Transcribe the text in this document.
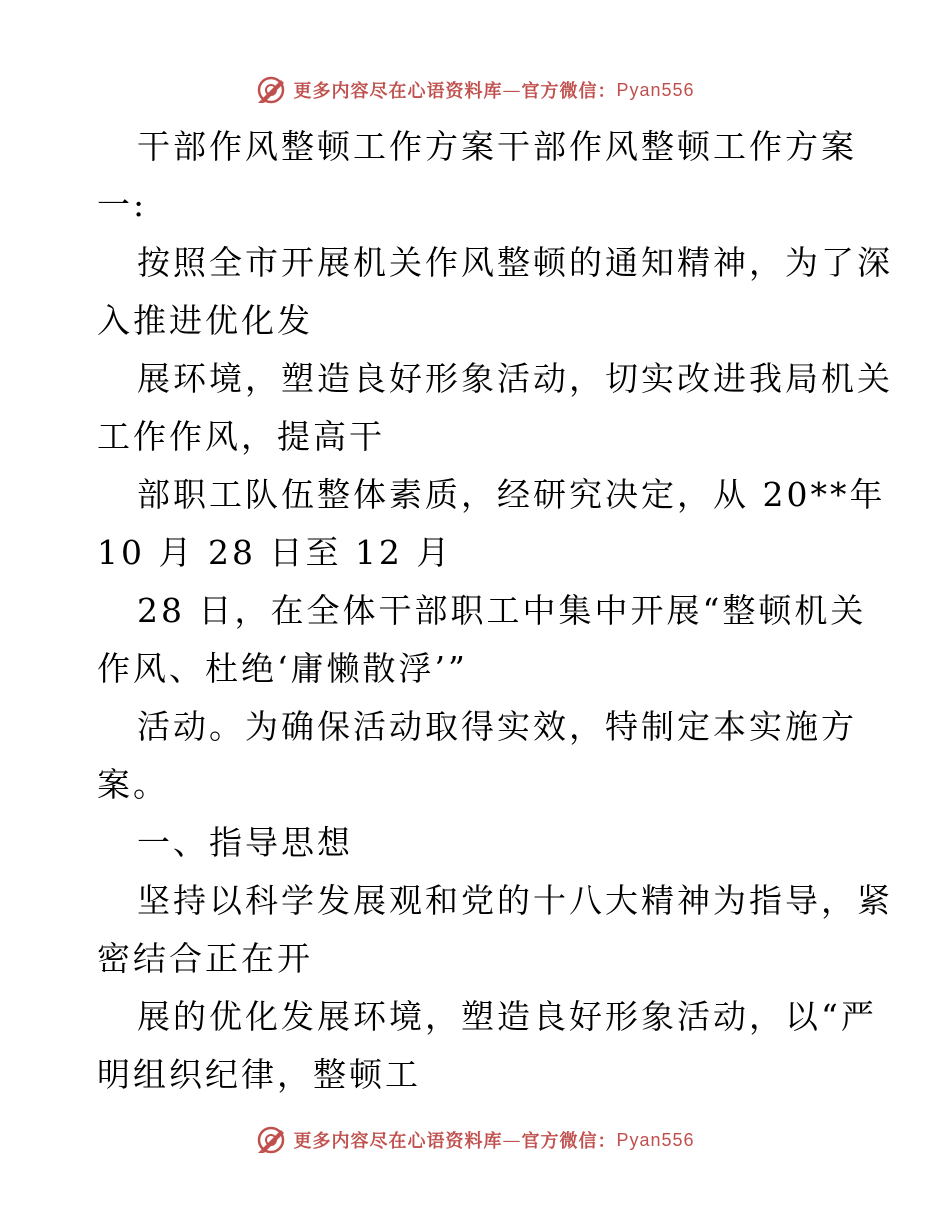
更多内容尽在心语资料库 — 官方微信： Pyan556
干部作风整顿工作方案干部作风整顿工作方案
一:
按照全市开展机关作风整顿的通知精神，为了深
入推进优化发
展环境，塑造良好形象活动，切实改进我局机关
工作作风，提高干
部职工队伍整体素质，经研究决定，从 20**年
10 月 28 日至 12 月
28 日，在全体干部职工中集中开展“整顿机关
作风、杜绝‘庸懒散浮’”
活动。为确保活动取得实效，特制定本实施方
案。
一、指导思想
坚持以科学发展观和党的十八大精神为指导，紧
密结合正在开
展的优化发展环境，塑造良好形象活动，以“严
明组织纪律，整顿工
更多内容尽在心语资料库 — 官方微信： Pyan556
